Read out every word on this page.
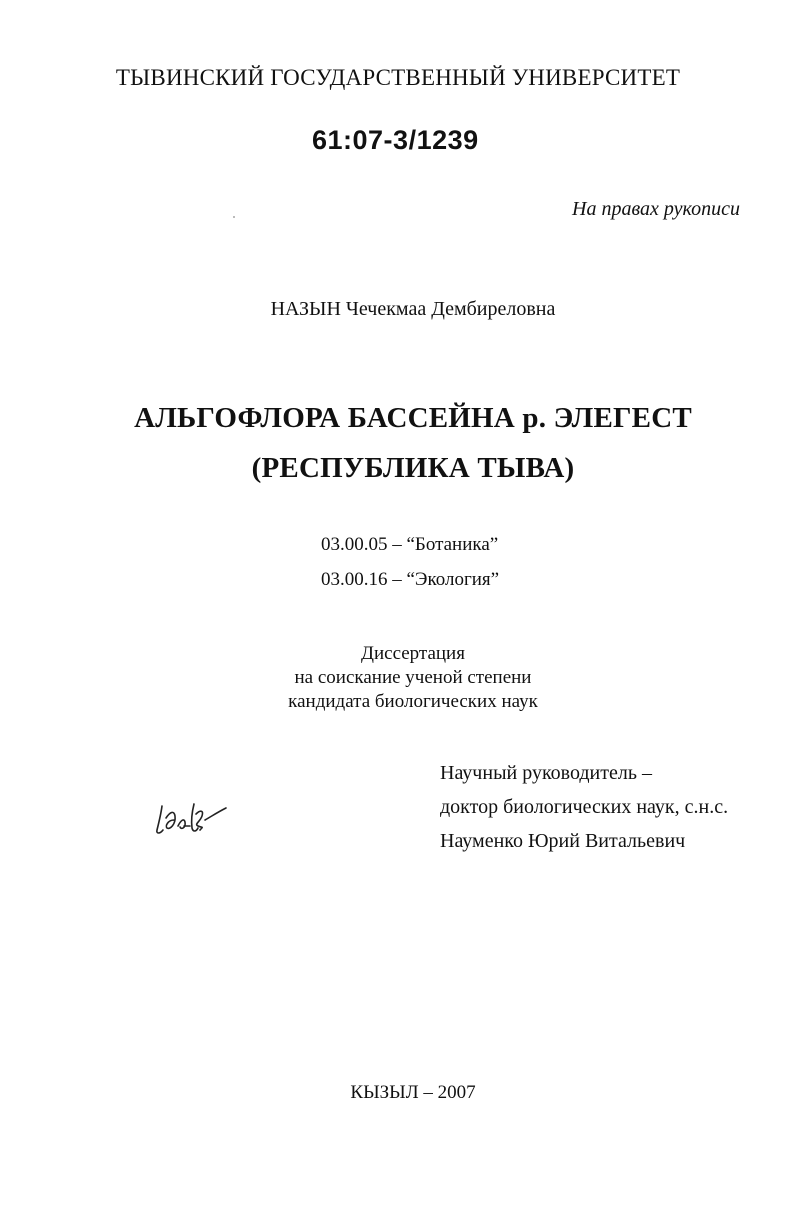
ТЫВИНСКИЙ ГОСУДАРСТВЕННЫЙ УНИВЕРСИТЕТ
61:07-3/1239
На правах рукописи
НАЗЫН Чечекмаа Дембиреловна
АЛЬГОФЛОРА БАССЕЙНА р. ЭЛЕГЕСТ
(РЕСПУБЛИКА ТЫВА)
03.00.05 – “Ботаника”
03.00.16 – “Экология”
Диссертация
на соискание ученой степени
кандидата биологических наук
Научный руководитель –
доктор биологических наук, с.н.с.
Науменко Юрий Витальевич
КЫЗЫЛ – 2007
